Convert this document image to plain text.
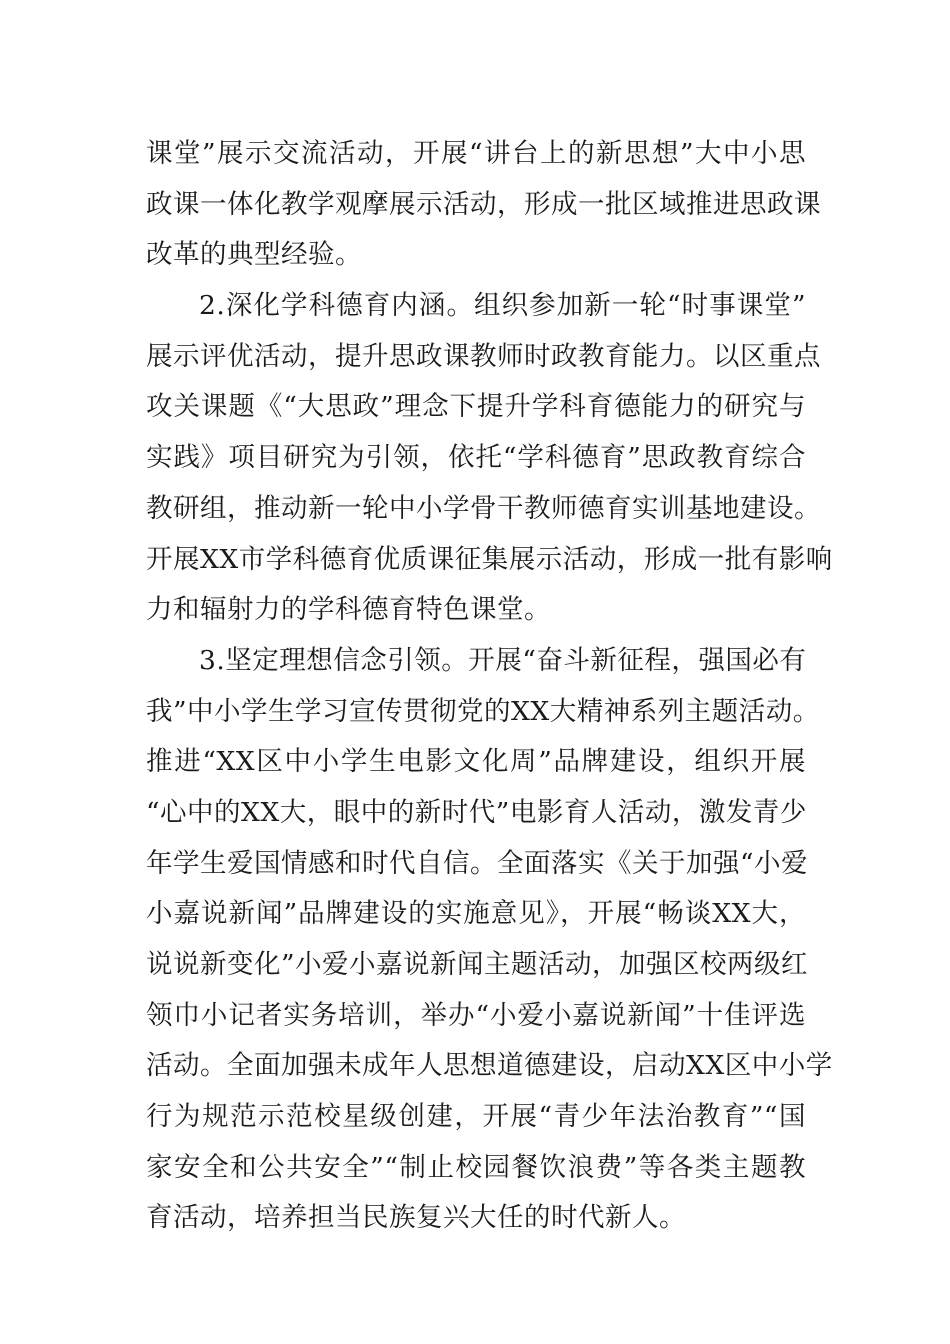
课堂”展示交流活动，开展“讲台上的新思想”大中小思
政课一体化教学观摩展示活动，形成一批区域推进思政课
改革的典型经验。
2.深化学科德育内涵。组织参加新一轮“时事课堂”
展示评优活动，提升思政课教师时政教育能力。以区重点
攻关课题《“大思政”理念下提升学科育德能力的研究与
实践》项目研究为引领，依托“学科德育”思政教育综合
教研组，推动新一轮中小学骨干教师德育实训基地建设。
开展XX市学科德育优质课征集展示活动，形成一批有影响
力和辐射力的学科德育特色课堂。
3.坚定理想信念引领。开展“奋斗新征程，强国必有
我”中小学生学习宣传贯彻党的XX大精神系列主题活动。
推进“XX区中小学生电影文化周”品牌建设，组织开展
“心中的XX大，眼中的新时代”电影育人活动，激发青少
年学生爱国情感和时代自信。全面落实《关于加强“小爱
小嘉说新闻”品牌建设的实施意见》，开展“畅谈XX大，
说说新变化”小爱小嘉说新闻主题活动，加强区校两级红
领巾小记者实务培训，举办“小爱小嘉说新闻”十佳评选
活动。全面加强未成年人思想道德建设，启动XX区中小学
行为规范示范校星级创建，开展“青少年法治教育”“国
家安全和公共安全”“制止校园餐饮浪费”等各类主题教
育活动，培养担当民族复兴大任的时代新人。
